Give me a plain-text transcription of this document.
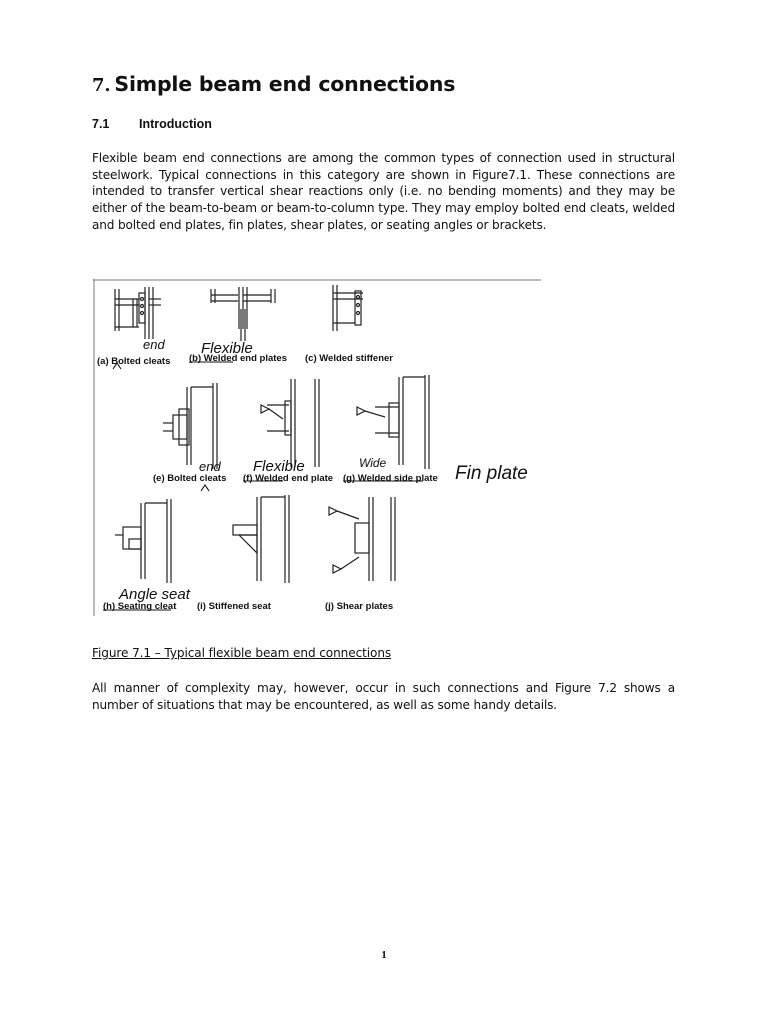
7. Simple beam end connections
7.1 Introduction

Flexible beam end connections are among the common types of connection used in structural steelwork. Typical connections in this category are shown in Figure7.1. These connections are intended to transfer vertical shear reactions only (i.e. no bending moments) and they may be either of the beam-to-beam or beam-to-column type. They may employ bolted end cleats, welded and bolted end plates, fin plates, shear plates, or seating angles or brackets.

(a) Bolted cleats (b) Welded end plates (c) Welded stiffener
(e) Bolted cleats (f) Welded end plate (g) Welded side plate
(h) Seating cleat (i) Stiffened seat	(j) Shear plates
end Flexible
end Flexible	Wide	Fin plate
Angle seat

Figure 7.1 – Typical flexible beam end connections

All manner of complexity may, however, occur in such connections and Figure 7.2 shows a number of situations that may be encountered, as well as some handy details.

1
